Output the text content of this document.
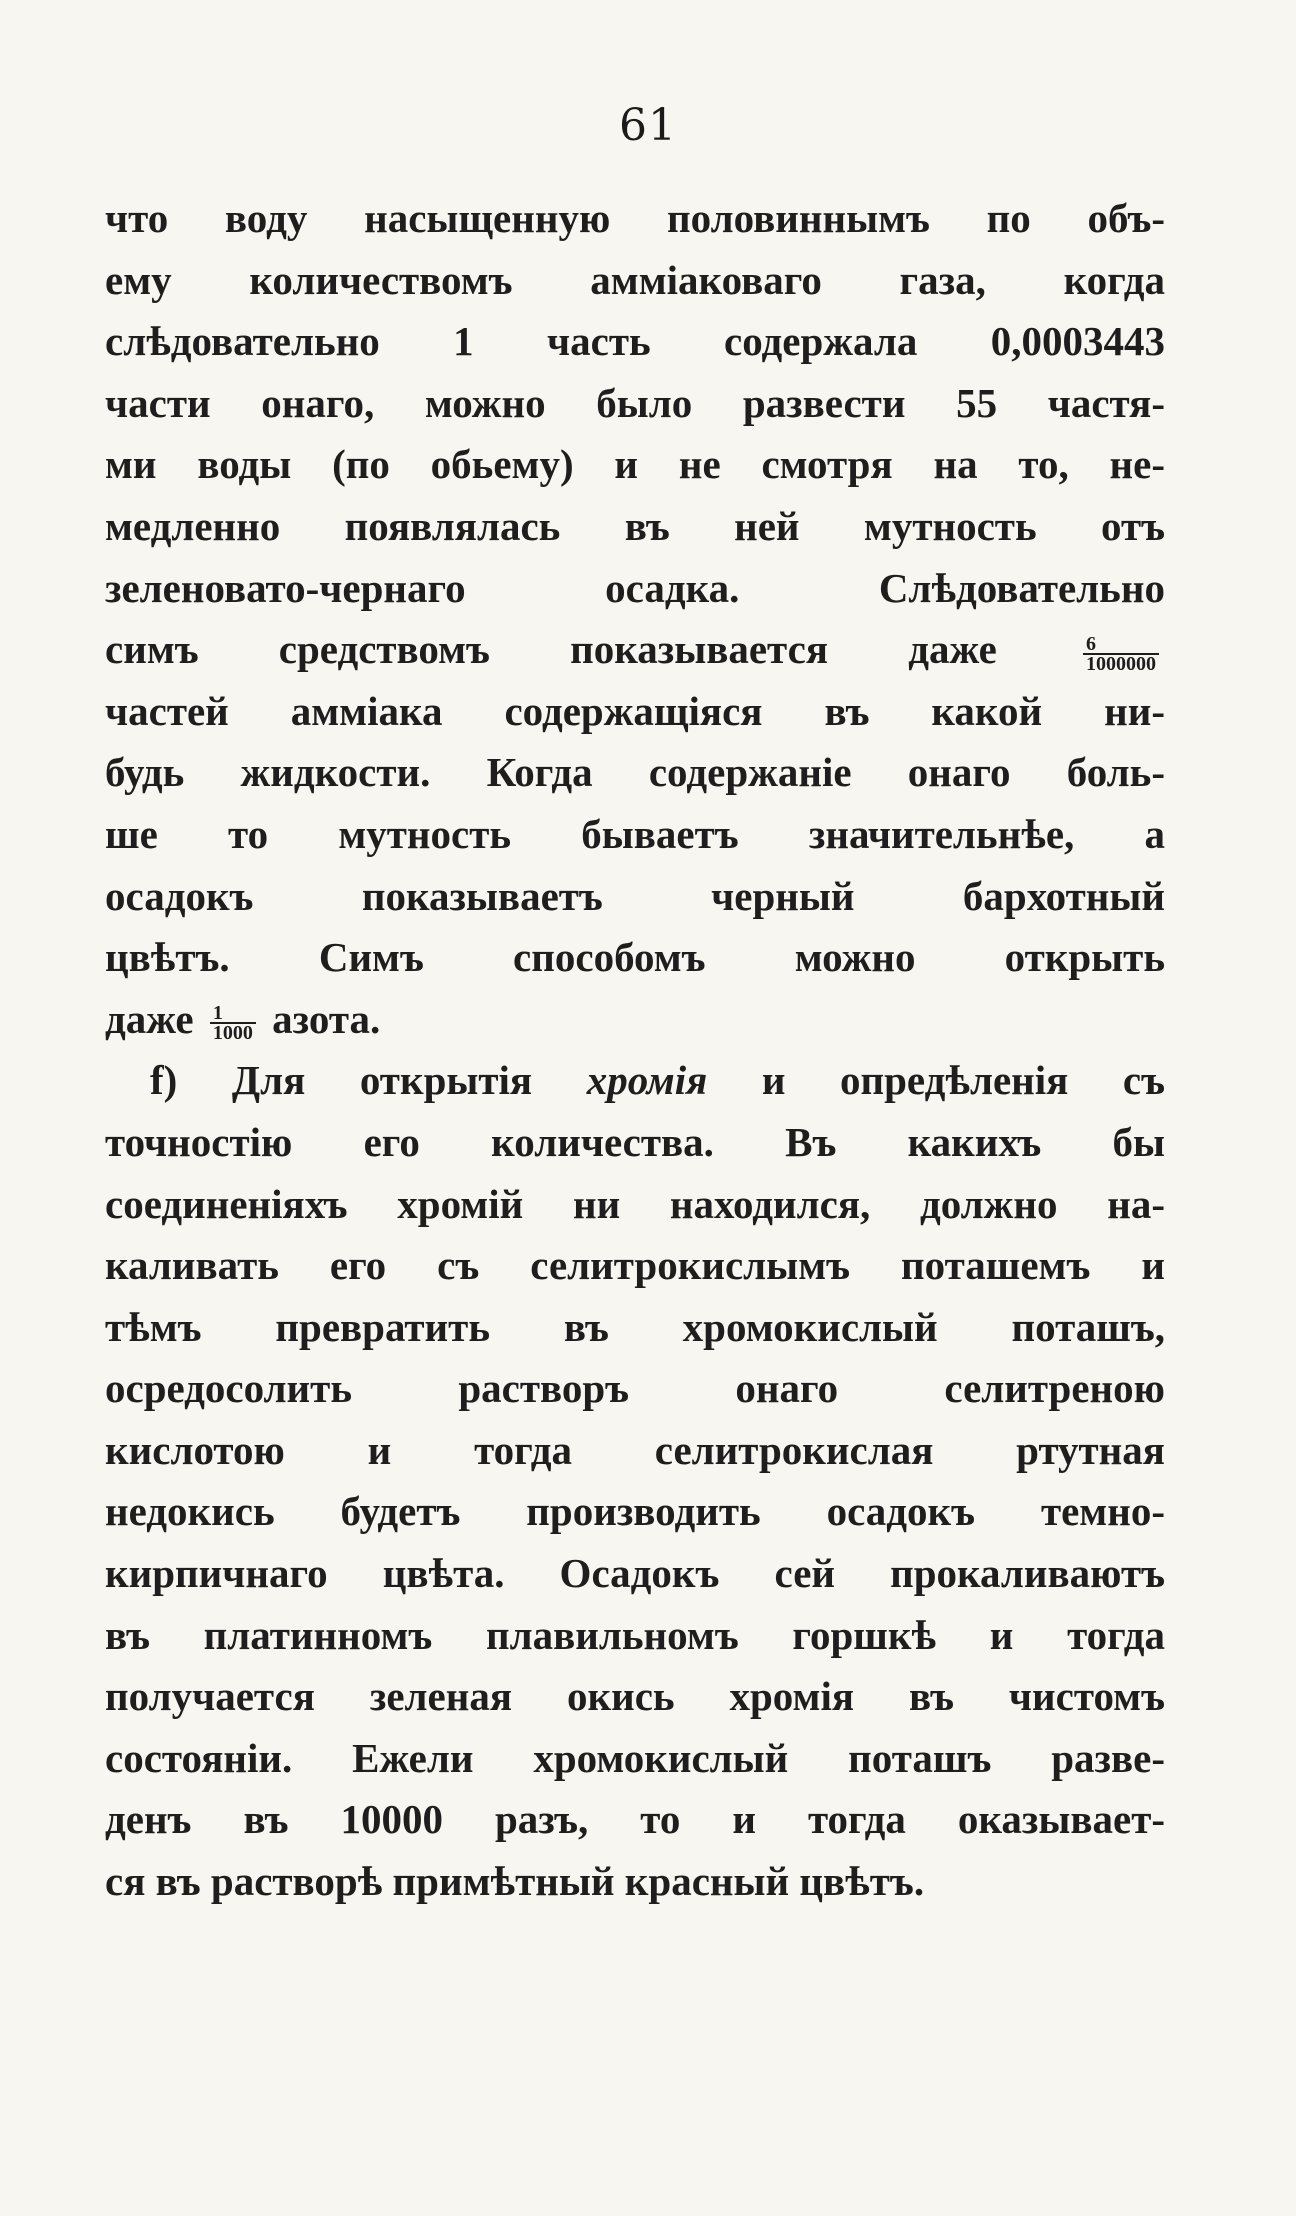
61
что воду насыщенную половиннымъ по объ-
ему количествомъ аммiаковаго газа, когда
слѣдовательно 1 часть содержала 0,0003443
части онаго, можно было развести 55 частя-
ми воды (по обьему) и не смотря на то, не-
медленно появлялась въ ней мутность отъ
зеленовато-чернаго осадка. Слѣдовательно
симъ средствомъ показывается даже	$\frac{6}{1000000}$
частей аммiака содержащiяся въ какой ни-
будь жидкости. Когда содержанiе онаго боль-
ше то мутность бываетъ значительнѣе, а
осадокъ показываетъ черный бархотный
цвѣтъ. Симъ способомъ можно открыть
даже $\frac{1}{1000}$ азота.
f) Для открытiя хромiя и опредѣленiя съ
точностiю его количества. Въ какихъ бы
соединенiяхъ хромiй ни находился, должно на-
каливать его съ селитрокислымъ поташемъ и
тѣмъ превратить въ хромокислый поташъ,
осредосолить растворъ онаго селитреною
кислотою и тогда селитрокислая ртутная
недокись будетъ производить осадокъ темно-
кирпичнаго цвѣта. Осадокъ сей прокаливаютъ
въ платинномъ плавильномъ горшкѣ и тогда
получается зеленая окись хромiя въ чистомъ
состоянiи. Ежели хромокислый поташъ разве-
денъ въ 10000 разъ, то и тогда оказывает-
ся въ растворѣ примѣтный красный цвѣтъ.
